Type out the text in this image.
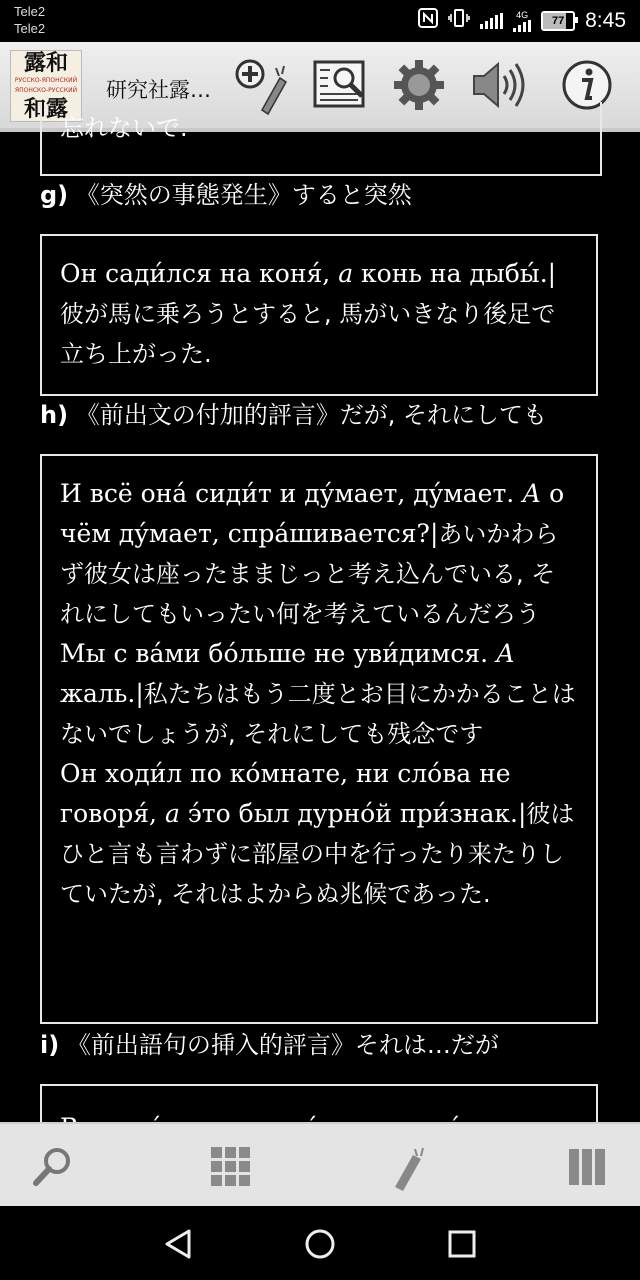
Tele2
Tele2
4G
77 8:45
露和
РУССКО-ЯПОНСКИЙ
ЯПОНСКО-РУССКИЙ
和露
研究社露…
忘れないで.
g) 《突然の事態発生》すると突然

Он сади́лся на коня́, а конь на дыбы́.|彼が馬に乗ろうとすると, 馬がいきなり後足で立ち上がった.

h) 《前出文の付加的評言》だが, それにしても

И всё она́ сиди́т и ду́мает, ду́мает. А о чём ду́мает, спра́шивается?|あいかわらず彼女は座ったままじっと考え込んでいる, それにしてもいったい何を考えているんだろう

Мы с ва́ми бо́льше не уви́димся. А жаль.|私たちはもう二度とお目にかかることはないでしょうが, それにしても残念です

Он ходи́л по ко́мнате, ни сло́ва не говоря́, а э́то был дурно́й при́знак.|彼はひと言も言わずに部屋の中を行ったり来たりしていたが, それはよからぬ兆候であった.

i) 《前出語句の挿入的評言》それは…だが
